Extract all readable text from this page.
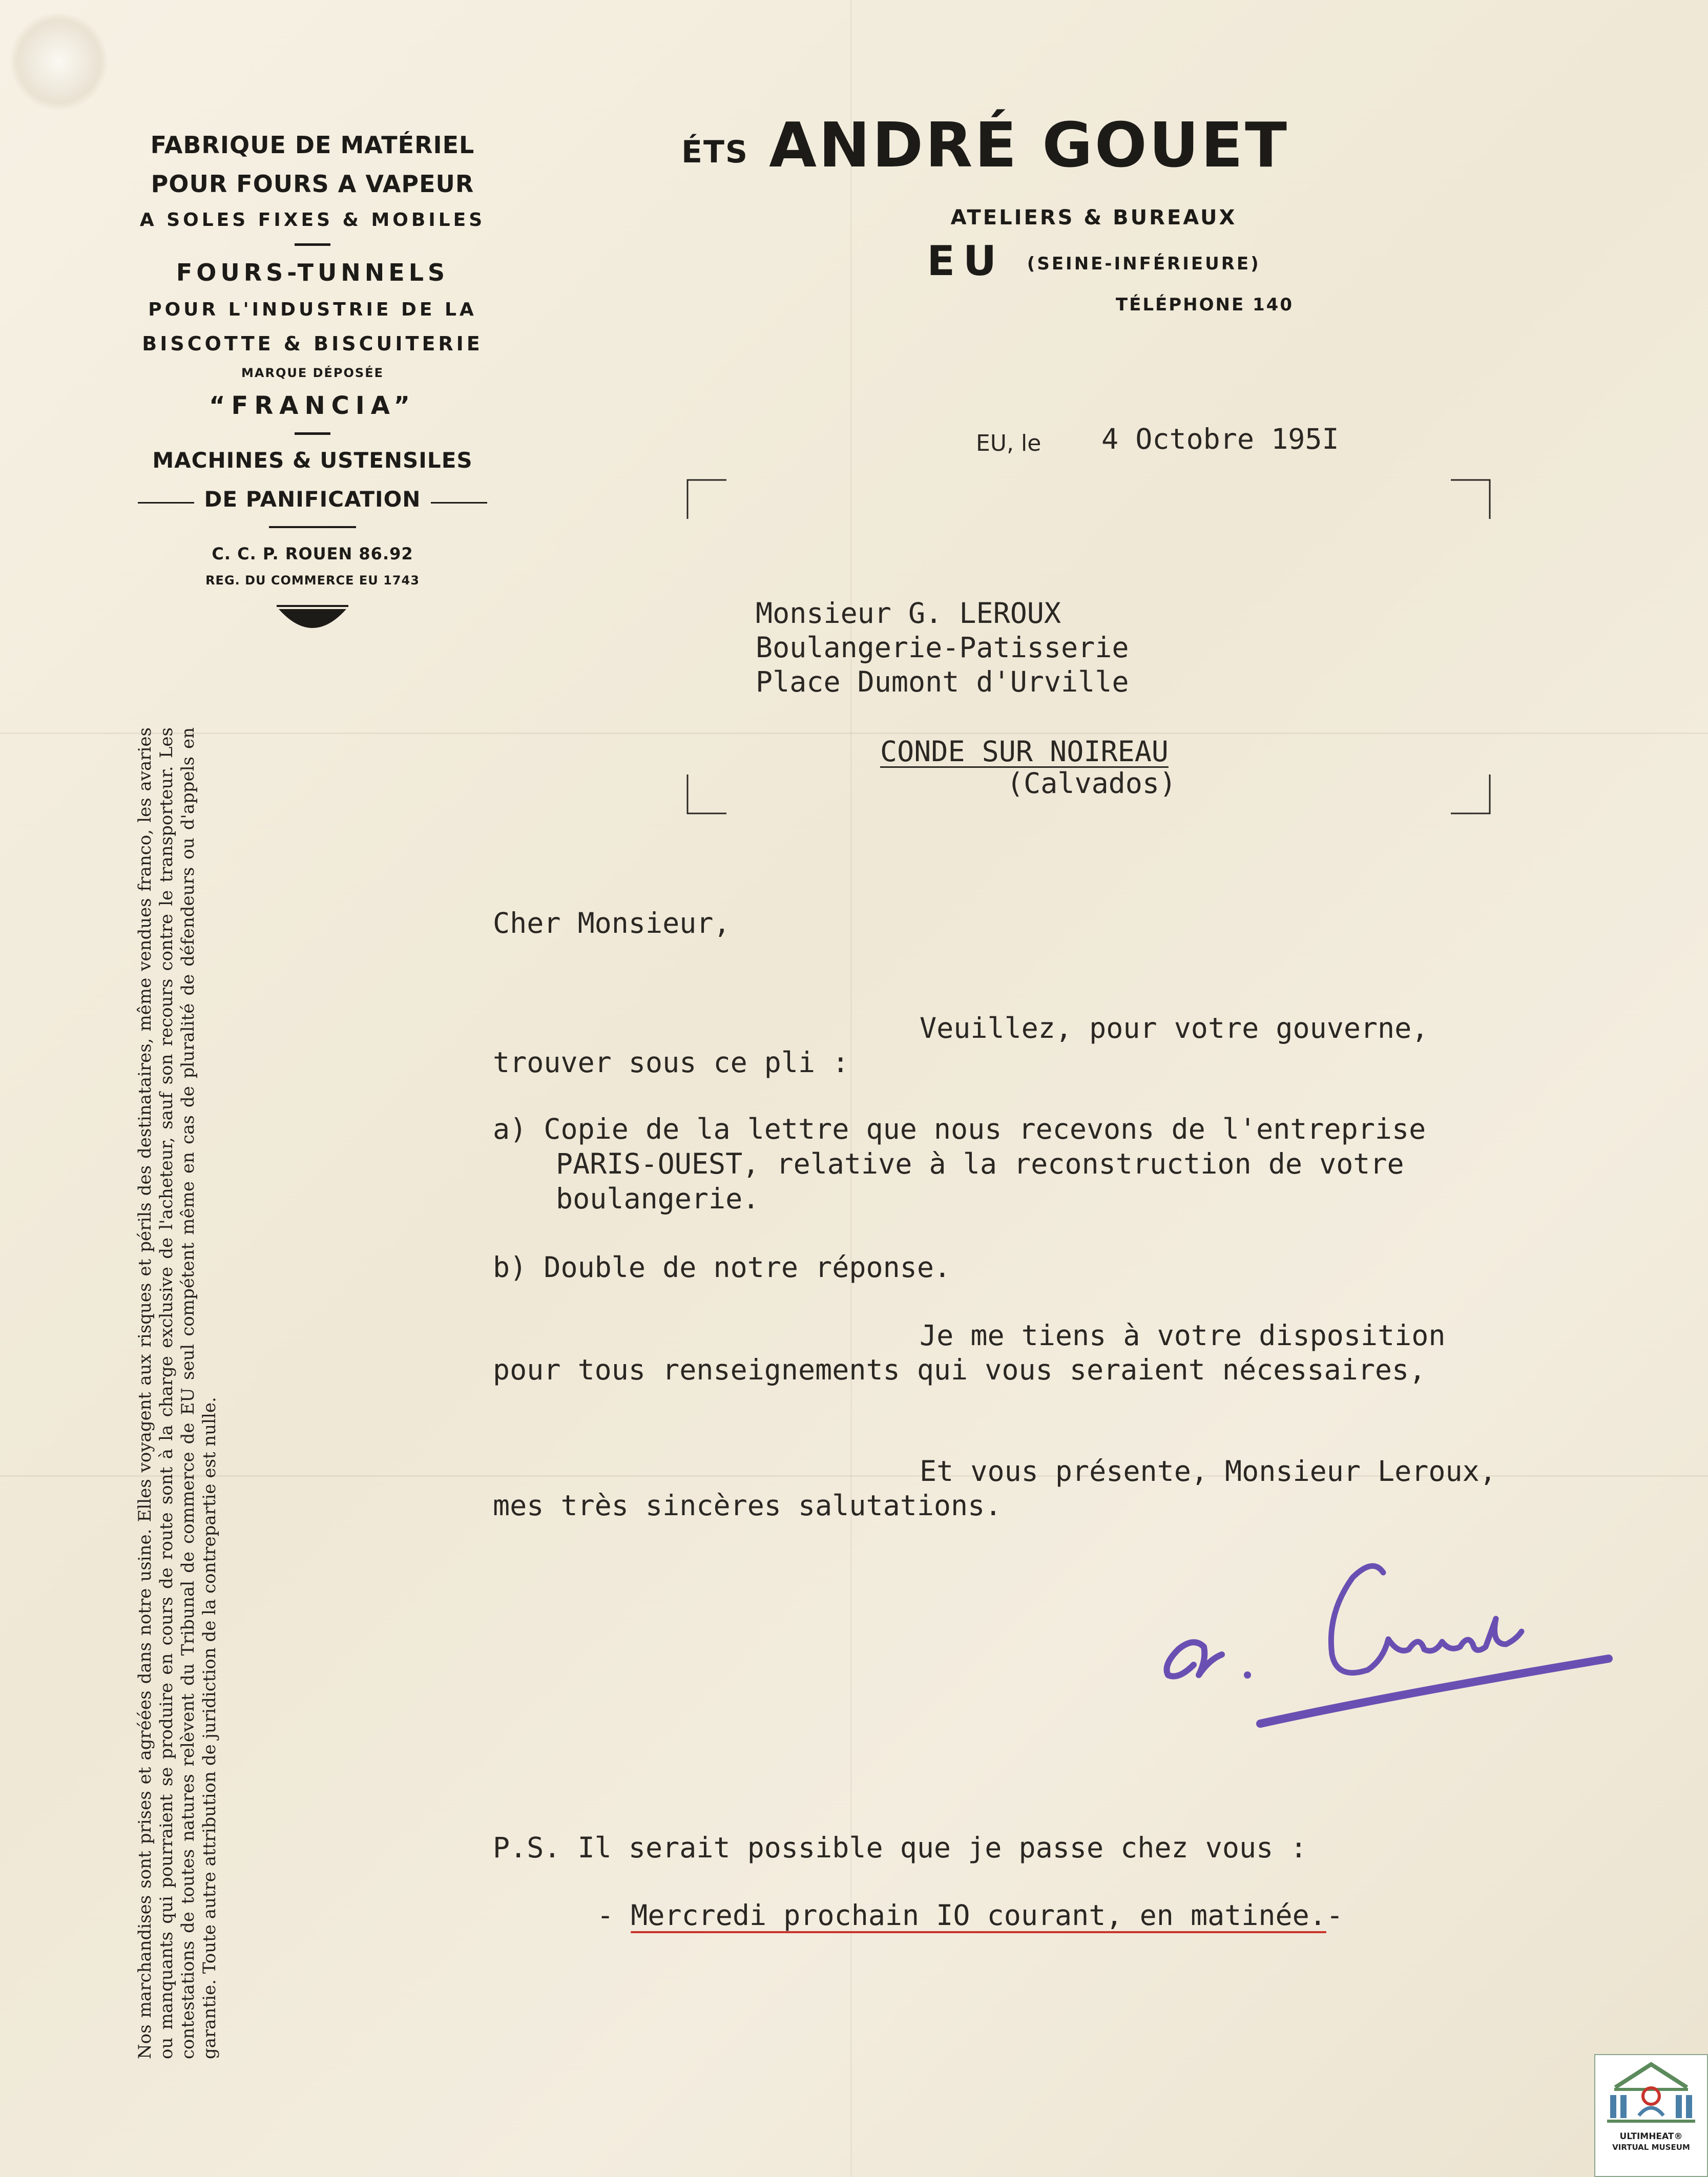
FABRIQUE DE MATÉRIEL
POUR FOURS A VAPEUR
A SOLES FIXES & MOBILES
FOURS-TUNNELS
POUR L'INDUSTRIE DE LA
BISCOTTE & BISCUITERIE
MARQUE DÉPOSÉE
“FRANCIA”
MACHINES & USTENSILES
DE PANIFICATION
C. C. P. ROUEN 86.92
REG. DU COMMERCE EU 1743
$^{ÉTS}$ ANDRÉ GOUET
ATELIERS & BUREAUX
EU (SEINE-INFÉRIEURE)
TÉLÉPHONE 140
EU, le 4 Octobre 195I
Monsieur G. LEROUX
Boulangerie-Patisserie
Place Dumont d'Urville
CONDE SUR NOIREAU
(Calvados)
Cher Monsieur,
Veuillez, pour votre gouverne,
trouver sous ce pli :
a) Copie de la lettre que nous recevons de l'entreprise
PARIS-OUEST, relative à la reconstruction de votre
boulangerie.
b) Double de notre réponse.
Je me tiens à votre disposition
pour tous renseignements qui vous seraient nécessaires,
Et vous présente, Monsieur Leroux,
mes très sincères salutations.
P.S. Il serait possible que je passe chez vous :
- Mercredi prochain IO courant, en matinée.-
Nos marchandises sont prises et agréées dans notre usine. Elles voyagent aux risques et périls des destinataires, même vendues franco, les avaries ou manquants qui pourraient se produire en cours de route sont à la charge exclusive de l'acheteur, sauf son recours contre le transporteur. Les contestations de toutes natures relèvent du Tribunal de commerce de EU seul compétent même en cas de pluralité de défendeurs ou d'appels en garantie. Toute autre attribution de juridiction de la contrepartie est nulle.
ULTIMHEAT®
VIRTUAL MUSEUM
